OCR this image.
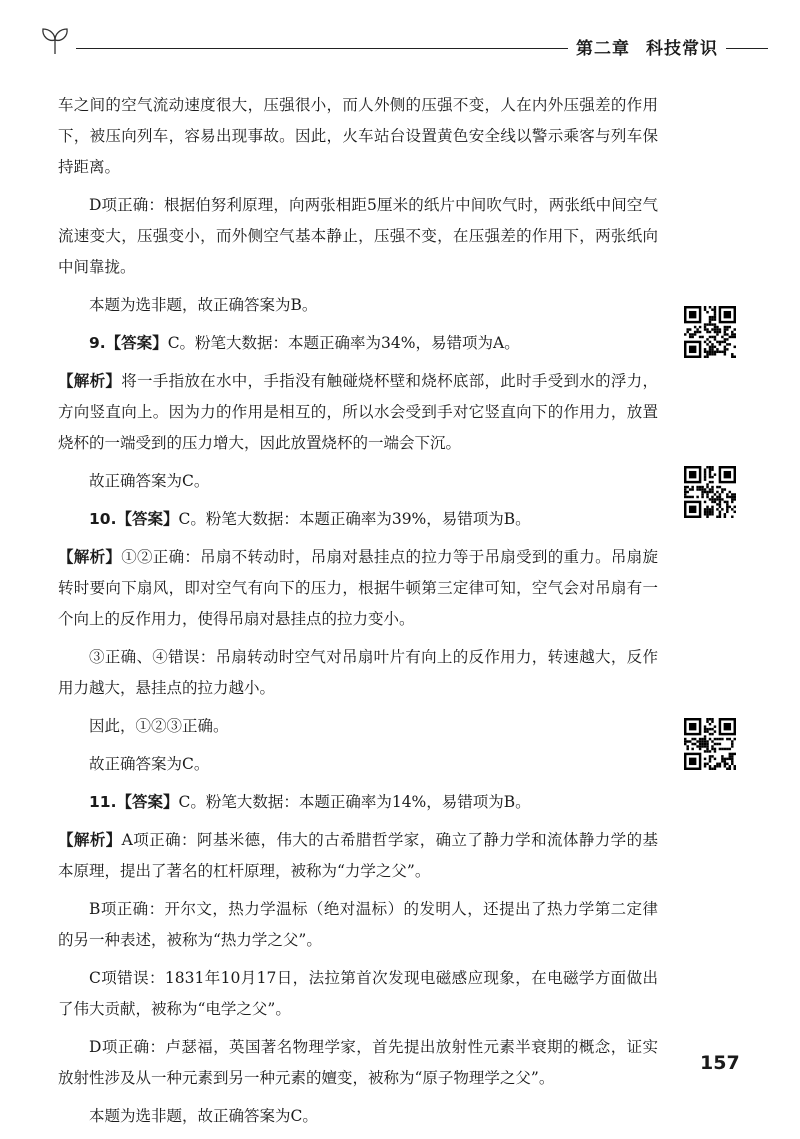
第二章 科技常识

车之间的空气流动速度很大，压强很小，而人外侧的压强不变，人在内外压强差的作用下，被压向列车，容易出现事故。因此，火车站台设置黄色安全线以警示乘客与列车保持距离。

D项正确：根据伯努利原理，向两张相距5厘米的纸片中间吹气时，两张纸中间空气流速变大，压强变小，而外侧空气基本静止，压强不变，在压强差的作用下，两张纸向中间靠拢。

本题为选非题，故正确答案为B。

9.【答案】C。粉笔大数据：本题正确率为34%，易错项为A。

【解析】将一手指放在水中，手指没有触碰烧杯壁和烧杯底部，此时手受到水的浮力，方向竖直向上。因为力的作用是相互的，所以水会受到手对它竖直向下的作用力，放置烧杯的一端受到的压力增大，因此放置烧杯的一端会下沉。

故正确答案为C。

10.【答案】C。粉笔大数据：本题正确率为39%，易错项为B。

【解析】①②正确：吊扇不转动时，吊扇对悬挂点的拉力等于吊扇受到的重力。吊扇旋转时要向下扇风，即对空气有向下的压力，根据牛顿第三定律可知，空气会对吊扇有一个向上的反作用力，使得吊扇对悬挂点的拉力变小。

③正确、④错误：吊扇转动时空气对吊扇叶片有向上的反作用力，转速越大，反作用力越大，悬挂点的拉力越小。

因此，①②③正确。

故正确答案为C。

11.【答案】C。粉笔大数据：本题正确率为14%，易错项为B。

【解析】A项正确：阿基米德，伟大的古希腊哲学家，确立了静力学和流体静力学的基本原理，提出了著名的杠杆原理，被称为“力学之父”。

B项正确：开尔文，热力学温标（绝对温标）的发明人，还提出了热力学第二定律的另一种表述，被称为“热力学之父”。

C项错误：1831年10月17日，法拉第首次发现电磁感应现象，在电磁学方面做出了伟大贡献，被称为“电学之父”。

D项正确：卢瑟福，英国著名物理学家，首先提出放射性元素半衰期的概念，证实放射性涉及从一种元素到另一种元素的嬗变，被称为“原子物理学之父”。

本题为选非题，故正确答案为C。

157
